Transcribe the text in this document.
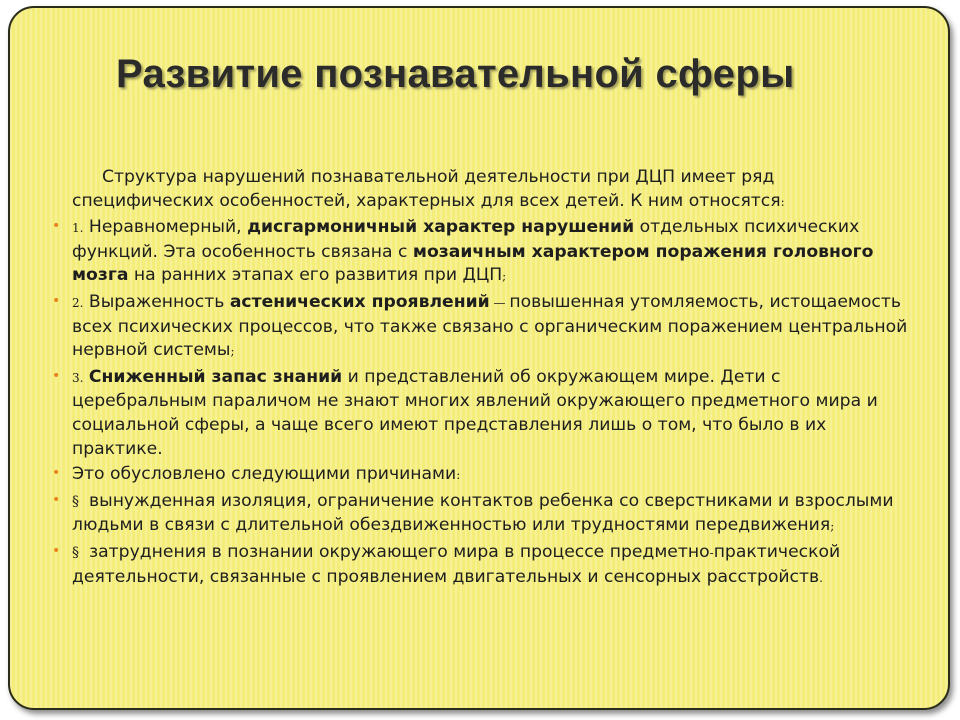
Развитие познавательной сферы

Структура нарушений познавательной деятельности при ДЦП имеет ряд специфических особенностей, характерных для всех детей. К ним относятся:

• 1. Неравномерный, дисгармоничный характер нарушений отдельных психических функций. Эта особенность связана с мозаичным характером поражения головного мозга на ранних этапах его развития при ДЦП;

• 2. Выраженность астенических проявлений — повышенная утомляемость, истощаемость всех психических процессов, что также связано с органическим поражением центральной нервной системы;

• 3. Сниженный запас знаний и представлений об окружающем мире. Дети с церебральным параличом не знают многих явлений окружающего предметного мира и социальной сферы, а чаще всего имеют представления лишь о том, что было в их практике.

• Это обусловлено следующими причинами:

• § вынужденная изоляция, ограничение контактов ребенка со сверстниками и взрослыми людьми в связи с длительной обездвиженностью или трудностями передвижения;

• § затруднения в познании окружающего мира в процессе предметно-практической деятельности, связанные с проявлением двигательных и сенсорных расстройств.
